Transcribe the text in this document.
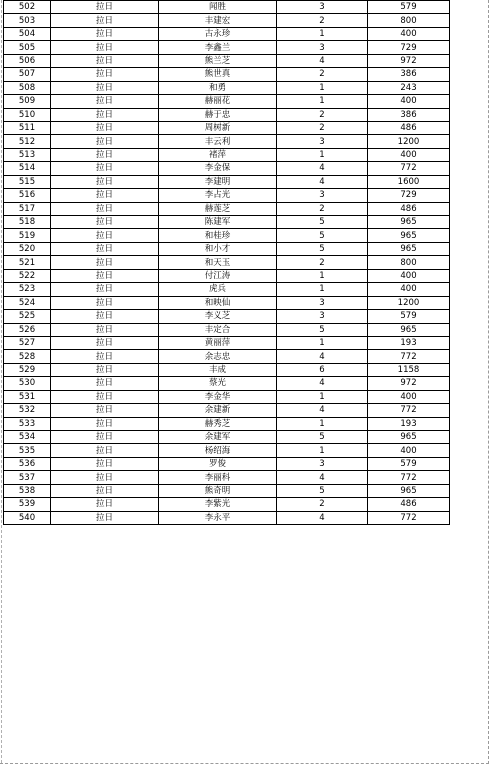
502	拉日	闻胜	3	579
503	拉日	丰建宏	2	800
504	拉日	古永珍	1	400
505	拉日	李鑫兰	3	729
506	拉日	熊兰芝	4	972
507	拉日	熊世真	2	386
508	拉日	和勇	1	243
509	拉日	赫丽花	1	400
510	拉日	赫于忠	2	386
511	拉日	周树新	2	486
512	拉日	丰云利	3	1200
513	拉日	褚萍	1	400
514	拉日	李金保	4	772
515	拉日	李建明	4	1600
516	拉日	李占光	3	729
517	拉日	赫莲芝	2	486
518	拉日	陈建军	5	965
519	拉日	和桂珍	5	965
520	拉日	和小才	5	965
521	拉日	和天玉	2	800
522	拉日	付江涛	1	400
523	拉日	虎兵	1	400
524	拉日	和映仙	3	1200
525	拉日	李义芝	3	579
526	拉日	丰定合	5	965
527	拉日	黄丽萍	1	193
528	拉日	余志忠	4	772
529	拉日	丰成	6	1158
530	拉日	蔡光	4	972
531	拉日	李金华	1	400
532	拉日	余建新	4	772
533	拉日	赫秀芝	1	193
534	拉日	余建军	5	965
535	拉日	杨绍海	1	400
536	拉日	罗俊	3	579
537	拉日	李丽科	4	772
538	拉日	熊奇明	5	965
539	拉日	李紫光	2	486
540	拉日	李永平	4	772
